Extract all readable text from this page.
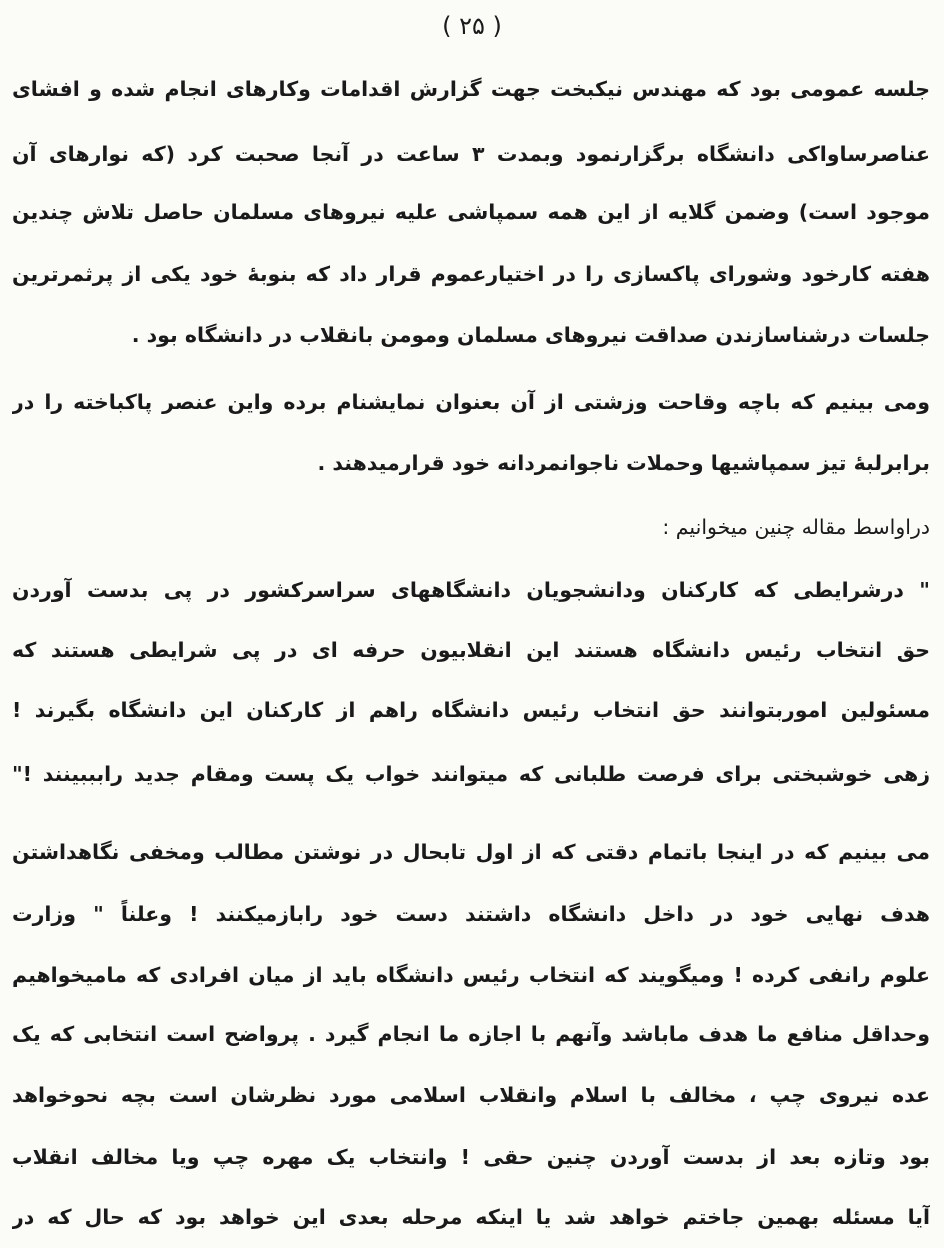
( ۲۵ )
جلسه عمومی بود که مهندس نیکبخت جهت گزارش اقدامات وکارهای انجام شده و افشای
عناصرساواکی دانشگاه برگزارنمود وبمدت ۳ ساعت در آنجا صحبت کرد (که نوارهای آن
موجود است) وضمن گلایه از این همه سمپاشی علیه نیروهای مسلمان حاصل تلاش چندین
هفته کارخود وشورای پاکسازی را در اختیارعموم قرار داد که بنوبهٔ خود یکی از پرثمرترین
جلسات درشناسازندن صداقت نیروهای مسلمان ومومن بانقلاب در دانشگاه بود .
ومی بینیم که باچه وقاحت وزشتی از آن بعنوان نمایشنام برده واین عنصر پاکباخته را در
برابرلبهٔ تیز سمپاشیها وحملات ناجوانمردانه خود قرارمیدهند .
دراواسط مقاله چنین میخوانیم :
" درشرایطی که کارکنان ودانشجویان دانشگاههای سراسرکشور در پی بدست آوردن
حق انتخاب رئیس دانشگاه هستند این انقلابیون حرفه ای در پی شرایطی هستند که
مسئولین اموربتوانند حق انتخاب رئیس دانشگاه راهم از کارکنان این دانشگاه بگیرند !
زهی خوشبختی برای فرصت طلبانی که میتوانند خواب یک پست ومقام جدید رابببینند !"
می بینیم که در اینجا باتمام دقتی که از اول تابحال در نوشتن مطالب ومخفی نگاهداشتن
هدف نهایی خود در داخل دانشگاه داشتند دست خود رابازمیکنند ! وعلناً " وزارت
علوم رانفی کرده ! ومیگویند که انتخاب رئیس دانشگاه باید از میان افرادی که مامیخواهیم
وحداقل منافع ما هدف ماباشد وآنهم با اجازه ما انجام گیرد . پرواضح است انتخابی که یک
عده نیروی چپ ، مخالف با اسلام وانقلاب اسلامی مورد نظرشان است بچه نحوخواهد
بود وتازه بعد از بدست آوردن چنین حقی ! وانتخاب یک مهره چپ ویا مخالف انقلاب
آیا مسئله بهمین جاختم خواهد شد یا اینکه مرحله بعدی این خواهد بود که حال که در
